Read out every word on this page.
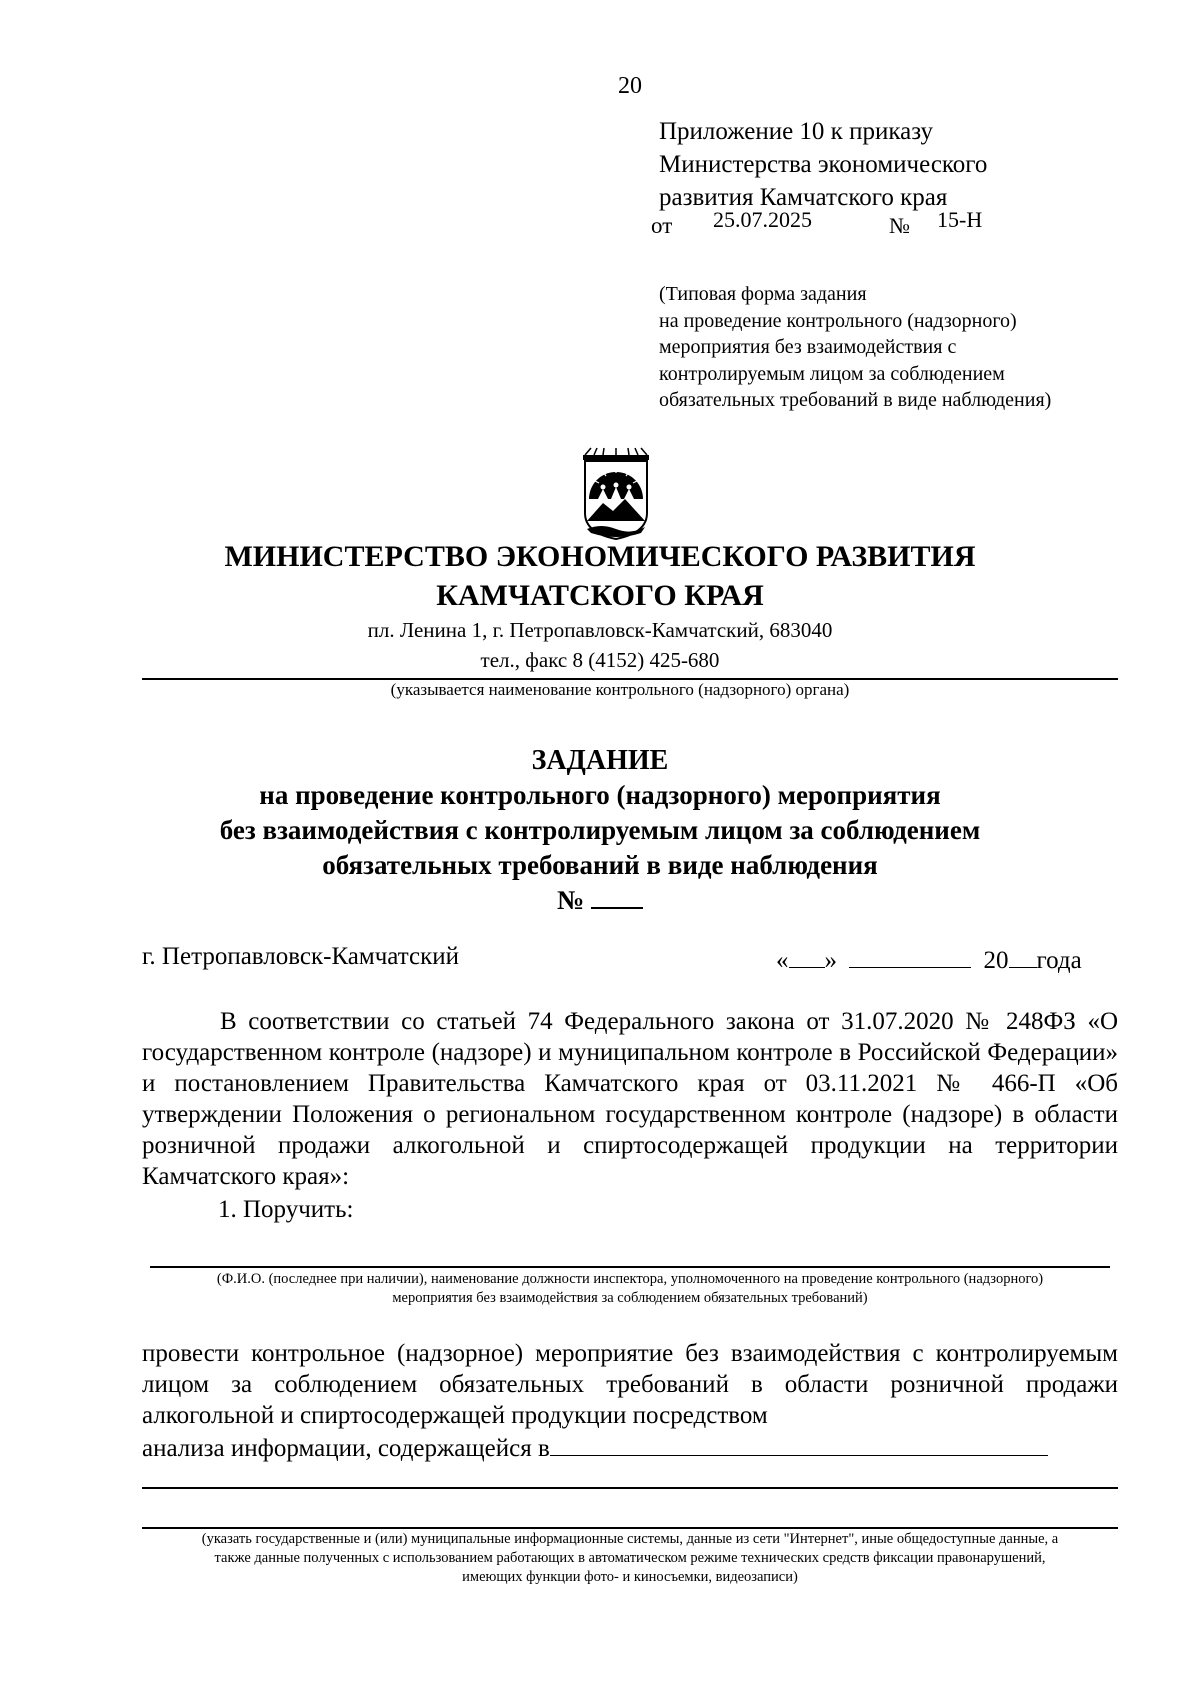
20
Приложение 10 к приказу
Министерства экономического
развития Камчатского края
от 25.07.2025	№ 15-Н
(Типовая форма задания
на проведение контрольного (надзорного)
мероприятия без взаимодействия с
контролируемым лицом за соблюдением
обязательных требований в виде наблюдения)
МИНИСТЕРСТВО ЭКОНОМИЧЕСКОГО РАЗВИТИЯ
КАМЧАТСКОГО КРАЯ
пл. Ленина 1, г. Петропавловск-Камчатский, 683040
тел., факс 8 (4152) 425-680
(указывается наименование контрольного (надзорного) органа)
ЗАДАНИЕ
на проведение контрольного (надзорного) мероприятия
без взаимодействия с контролируемым лицом за соблюдением
обязательных требований в виде наблюдения
№
г. Петропавловск-Камчатский	« »	20 года

В соответствии со статьей 74 Федерального закона от 31.07.2020 № 248ФЗ «О государственном контроле (надзоре) и муниципальном контроле в Российской Федерации» и постановлением Правительства Камчатского края от 03.11.2021 № 466-П «Об утверждении Положения о региональном государственном контроле (надзоре) в области розничной продажи алкогольной и спиртосодержащей продукции на территории Камчатского края»:

1. Поручить:
(Ф.И.О. (последнее при наличии), наименование должности инспектора, уполномоченного на проведение контрольного (надзорного)
мероприятия без взаимодействия за соблюдением обязательных требований)
провести контрольное (надзорное) мероприятие без взаимодействия с контролируемым лицом за соблюдением обязательных требований в области розничной продажи алкогольной и спиртосодержащей продукции посредством
анализа информации, содержащейся в
(указать государственные и (или) муниципальные информационные системы, данные из сети "Интернет", иные общедоступные данные, а
также данные полученных с использованием работающих в автоматическом режиме технических средств фиксации правонарушений,
имеющих функции фото- и киносъемки, видеозаписи)
